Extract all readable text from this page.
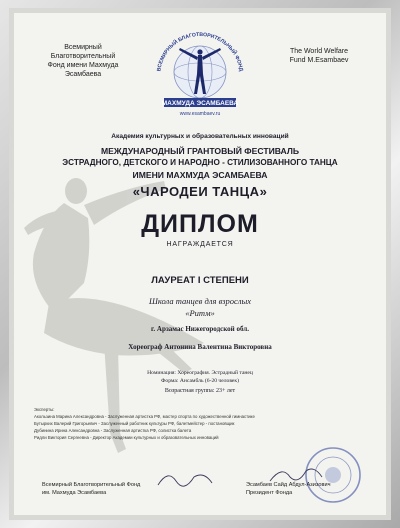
Всемирный
Благотворительный
Фонд имени Махмуда
Эсамбаева
The World Welfare
Fund M.Esambaev
ВСЕМИРНЫЙ БЛАГОТВОРИТЕЛЬНЫЙ ФОНД
МАХМУДА ЭСАМБАЕВА
www.esambaev.ru
Академия культурных и образовательных инноваций
МЕЖДУНАРОДНЫЙ ГРАНТОВЫЙ ФЕСТИВАЛЬ
ЭСТРАДНОГО, ДЕТСКОГО И НАРОДНО - СТИЛИЗОВАННОГО ТАНЦА
ИМЕНИ МАХМУДА ЭСАМБАЕВА
«ЧАРОДЕИ ТАНЦА»
ДИПЛОМ
НАГРАЖДАЕТСЯ
ЛАУРЕАТ I СТЕПЕНИ
Школа танцев для взрослых
«Ритм»
г. Арзамас Нижегородской обл.
Хореограф Антонина Валентина Викторовна
Номинация: Хореография. Эстрадный танец
Форма: Ансамбль (6-20 человек)
Возрастная группа: 23+ лет
Эксперты:
Акользина Марина Александровна - Заслуженная артистка РФ, мастер спорта по художественной гимнастике
Бутырких Валерий Григорьевич - Заслуженный работник культуры РФ, балетмейстер - постановщик
Дубинина Ирина Александровна - Заслуженная артистка РФ, солистка балета
Ридли Виктория Сергеевна - Директор Академии культурных и образовательных инноваций
Всемирный Благотворительный Фонд
им. Махмуда Эсамбаева
Эсамбаев Сайд Абдул-Азизович
Президент Фонда
